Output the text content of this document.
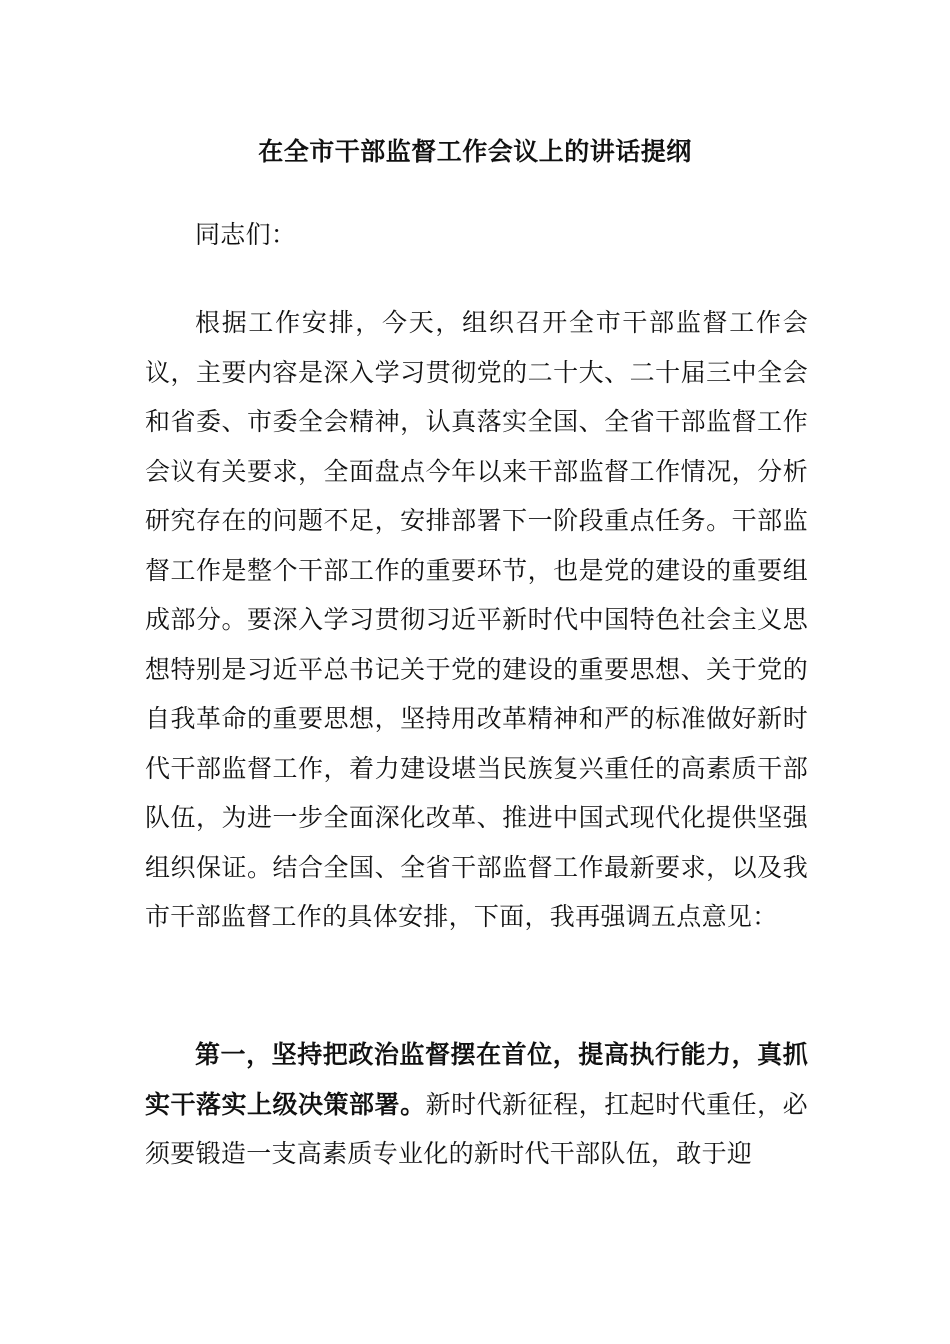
在全市干部监督工作会议上的讲话提纲

同志们：

根据工作安排，今天，组织召开全市干部监督工作会议，主要内容是深入学习贯彻党的二十大、二十届三中全会和省委、市委全会精神，认真落实全国、全省干部监督工作会议有关要求，全面盘点今年以来干部监督工作情况，分析研究存在的问题不足，安排部署下一阶段重点任务。干部监督工作是整个干部工作的重要环节，也是党的建设的重要组成部分。要深入学习贯彻习近平新时代中国特色社会主义思想特别是习近平总书记关于党的建设的重要思想、关于党的自我革命的重要思想，坚持用改革精神和严的标准做好新时代干部监督工作，着力建设堪当民族复兴重任的高素质干部队伍，为进一步全面深化改革、推进中国式现代化提供坚强组织保证。结合全国、全省干部监督工作最新要求，以及我市干部监督工作的具体安排，下面，我再强调五点意见：

第一，坚持把政治监督摆在首位，提高执行能力，真抓实干落实上级决策部署。新时代新征程，扛起时代重任，必须要锻造一支高素质专业化的新时代干部队伍，敢于迎
